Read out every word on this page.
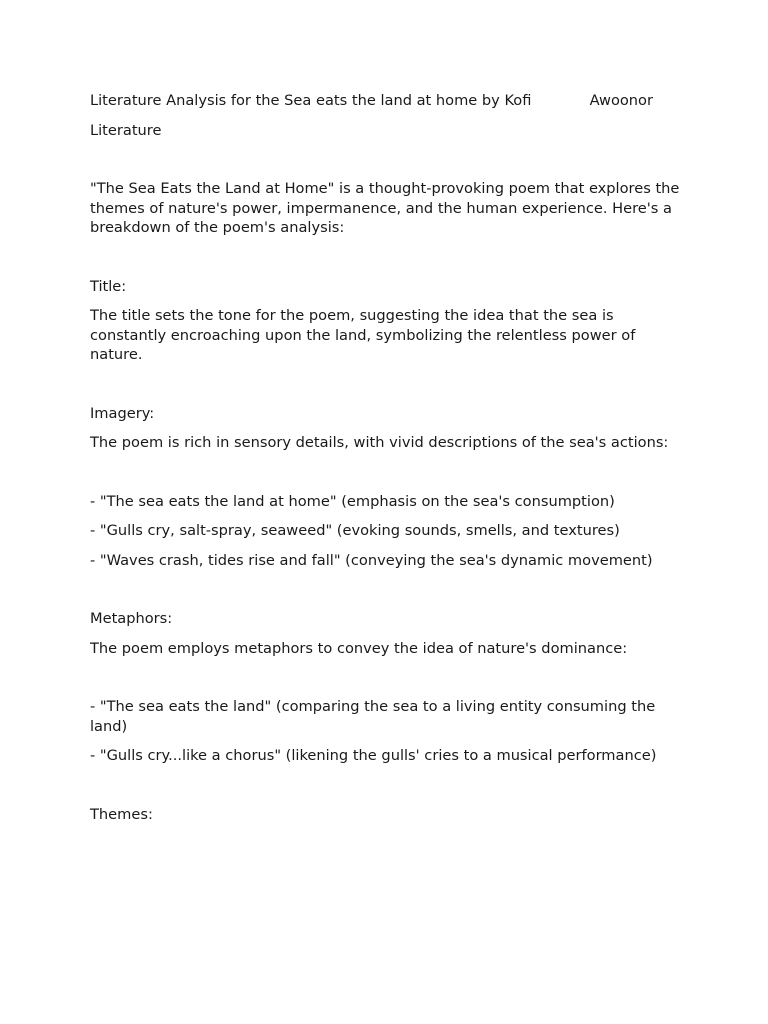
Literature Analysis for the Sea eats the land at home by Kofi	Awoonor

Literature

"The Sea Eats the Land at Home" is a thought-provoking poem that explores the themes of nature's power, impermanence, and the human experience. Here's a breakdown of the poem's analysis:

Title:

The title sets the tone for the poem, suggesting the idea that the sea is constantly encroaching upon the land, symbolizing the relentless power of nature.

Imagery:

The poem is rich in sensory details, with vivid descriptions of the sea's actions:

- "The sea eats the land at home" (emphasis on the sea's consumption)

- "Gulls cry, salt-spray, seaweed" (evoking sounds, smells, and textures)

- "Waves crash, tides rise and fall" (conveying the sea's dynamic movement)

Metaphors:

The poem employs metaphors to convey the idea of nature's dominance:

- "The sea eats the land" (comparing the sea to a living entity consuming the land)

- "Gulls cry...like a chorus" (likening the gulls' cries to a musical performance)

Themes:
